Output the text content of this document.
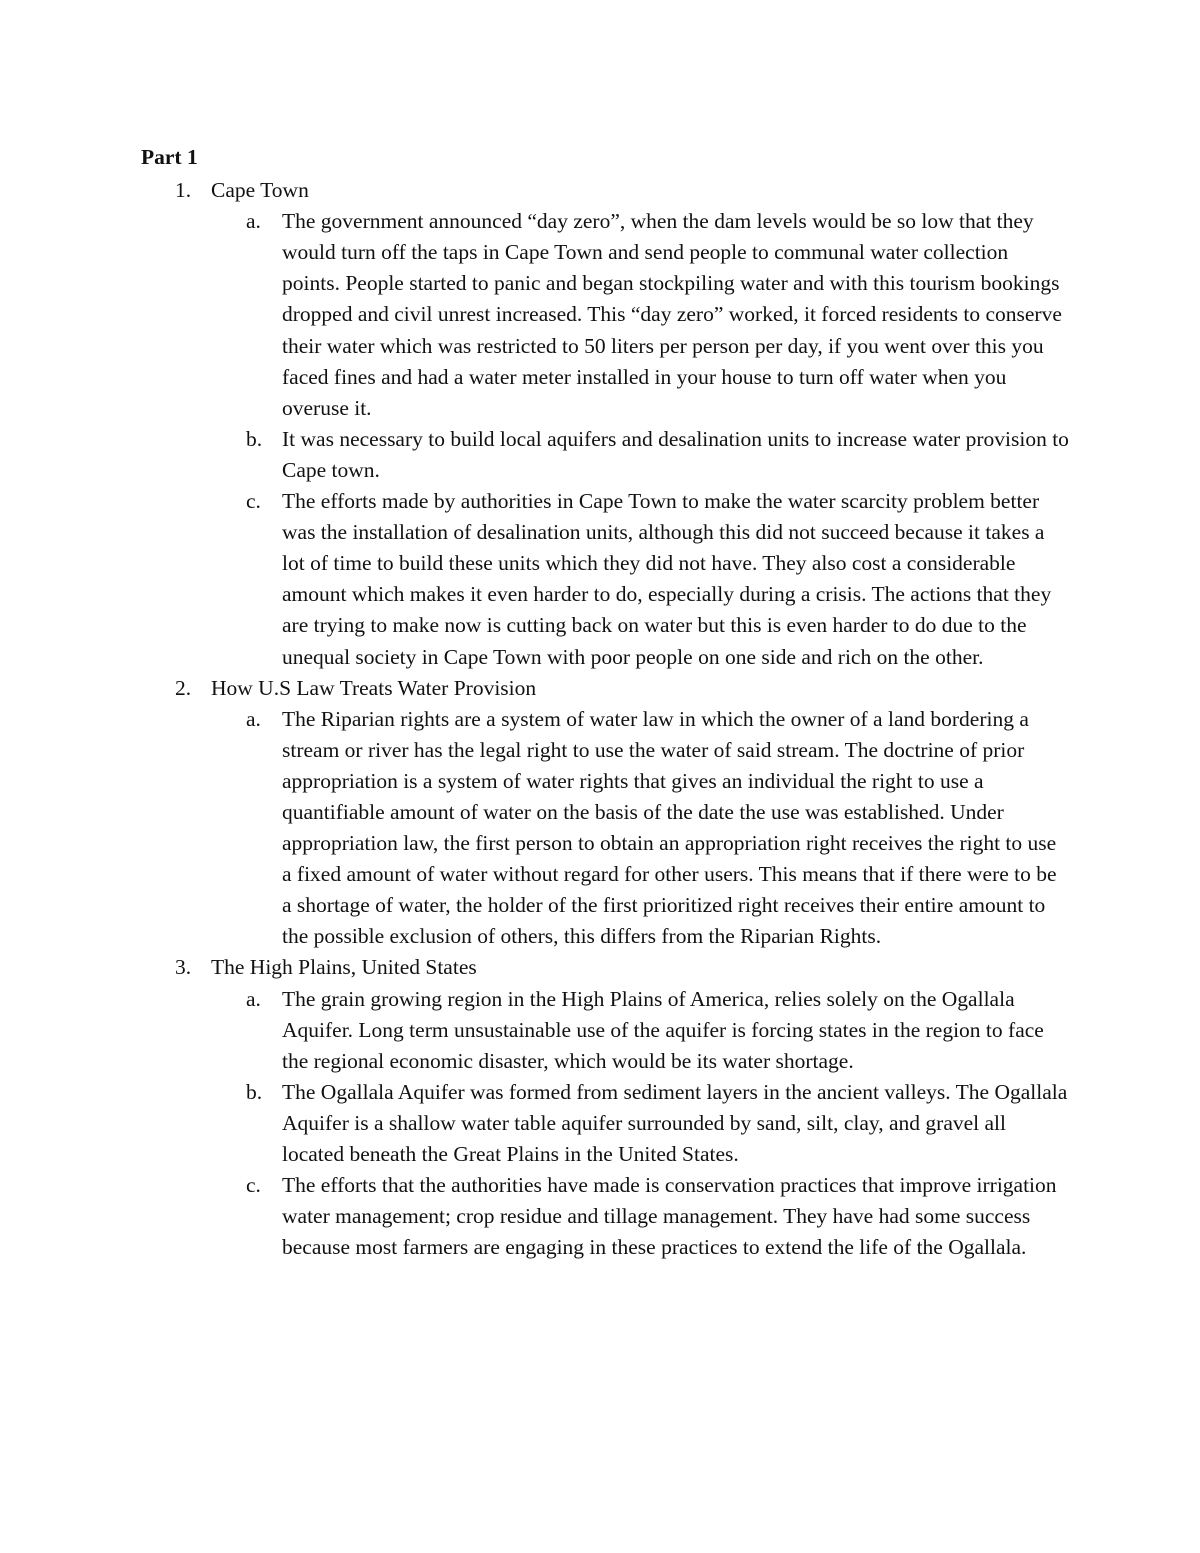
Part 1
1. Cape Town
a. The government announced “day zero”, when the dam levels would be so low that they would turn off the taps in Cape Town and send people to communal water collection points. People started to panic and began stockpiling water and with this tourism bookings dropped and civil unrest increased. This “day zero” worked, it forced residents to conserve their water which was restricted to 50 liters per person per day, if you went over this you faced fines and had a water meter installed in your house to turn off water when you overuse it.
b. It was necessary to build local aquifers and desalination units to increase water provision to Cape town.
c. The efforts made by authorities in Cape Town to make the water scarcity problem better was the installation of desalination units, although this did not succeed because it takes a lot of time to build these units which they did not have. They also cost a considerable amount which makes it even harder to do, especially during a crisis. The actions that they are trying to make now is cutting back on water but this is even harder to do due to the unequal society in Cape Town with poor people on one side and rich on the other.
2. How U.S Law Treats Water Provision
a. The Riparian rights are a system of water law in which the owner of a land bordering a stream or river has the legal right to use the water of said stream. The doctrine of prior appropriation is a system of water rights that gives an individual the right to use a quantifiable amount of water on the basis of the date the use was established. Under appropriation law, the first person to obtain an appropriation right receives the right to use a fixed amount of water without regard for other users. This means that if there were to be a shortage of water, the holder of the first prioritized right receives their entire amount to the possible exclusion of others, this differs from the Riparian Rights.
3. The High Plains, United States
a. The grain growing region in the High Plains of America, relies solely on the Ogallala Aquifer. Long term unsustainable use of the aquifer is forcing states in the region to face the regional economic disaster, which would be its water shortage.
b. The Ogallala Aquifer was formed from sediment layers in the ancient valleys. The Ogallala Aquifer is a shallow water table aquifer surrounded by sand, silt, clay, and gravel all located beneath the Great Plains in the United States.
c. The efforts that the authorities have made is conservation practices that improve irrigation water management; crop residue and tillage management. They have had some success because most farmers are engaging in these practices to extend the life of the Ogallala.
